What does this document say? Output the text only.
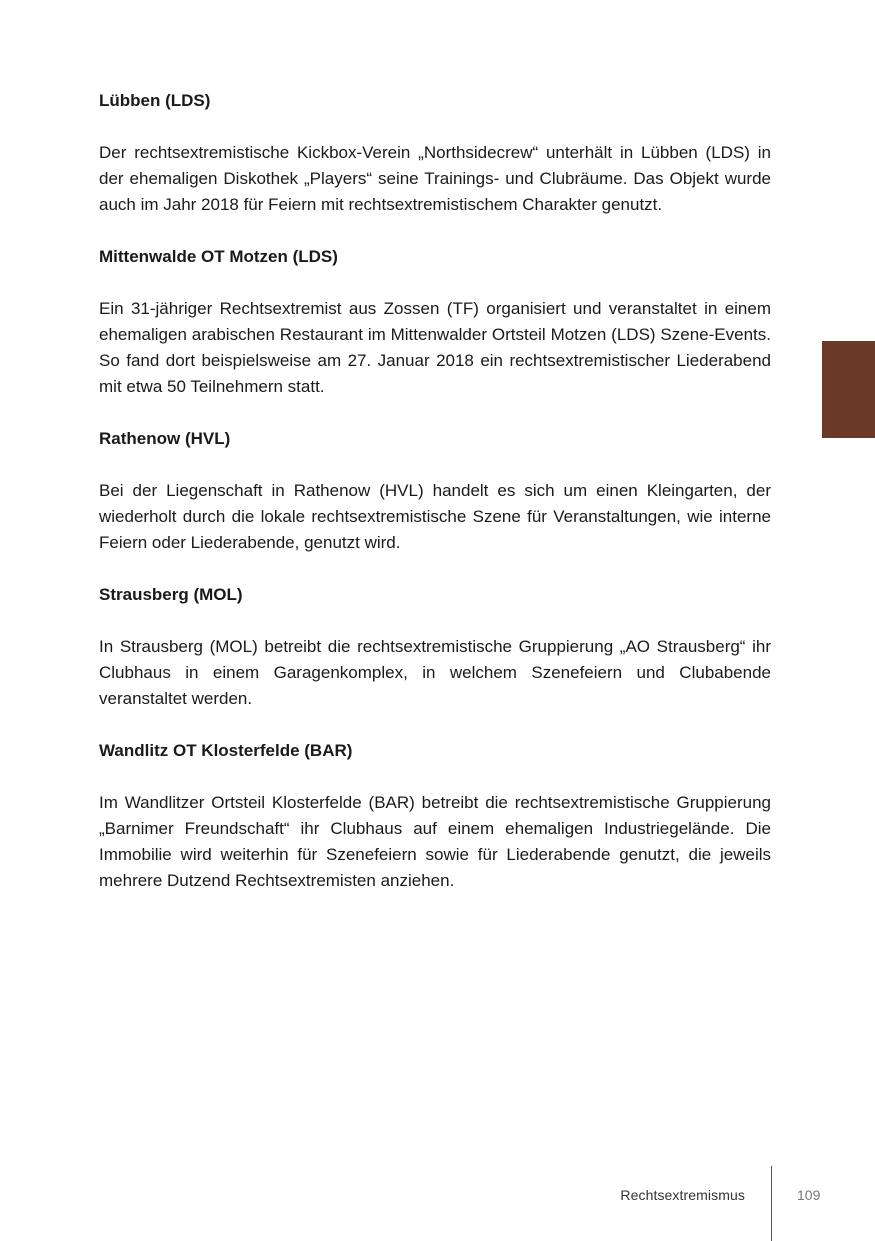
Lübben (LDS)

Der rechtsextremistische Kickbox-Verein „Northsidecrew“ unterhält in Lübben (LDS) in der ehemaligen Diskothek „Players“ seine Trainings- und Clubräume. Das Objekt wurde auch im Jahr 2018 für Feiern mit rechtsextremistischem Charakter genutzt.

Mittenwalde OT Motzen (LDS)

Ein 31-jähriger Rechtsextremist aus Zossen (TF) organisiert und veranstaltet in einem ehemaligen arabischen Restaurant im Mittenwalder Ortsteil Motzen (LDS) Szene-Events. So fand dort beispielsweise am 27. Januar 2018 ein rechtsextremistischer Liederabend mit etwa 50 Teilnehmern statt.

Rathenow (HVL)

Bei der Liegenschaft in Rathenow (HVL) handelt es sich um einen Kleingarten, der wiederholt durch die lokale rechtsextremistische Szene für Veranstaltungen, wie interne Feiern oder Liederabende, genutzt wird.

Strausberg (MOL)

In Strausberg (MOL) betreibt die rechtsextremistische Gruppierung „AO Strausberg“ ihr Clubhaus in einem Garagenkomplex, in welchem Szenefeiern und Clubabende veranstaltet werden.

Wandlitz OT Klosterfelde (BAR)

Im Wandlitzer Ortsteil Klosterfelde (BAR) betreibt die rechtsextremistische Gruppierung „Barnimer Freundschaft“ ihr Clubhaus auf einem ehemaligen Industriegelände. Die Immobilie wird weiterhin für Szenefeiern sowie für Liederabende genutzt, die jeweils mehrere Dutzend Rechtsextremisten anziehen.

Rechtsextremismus	109
